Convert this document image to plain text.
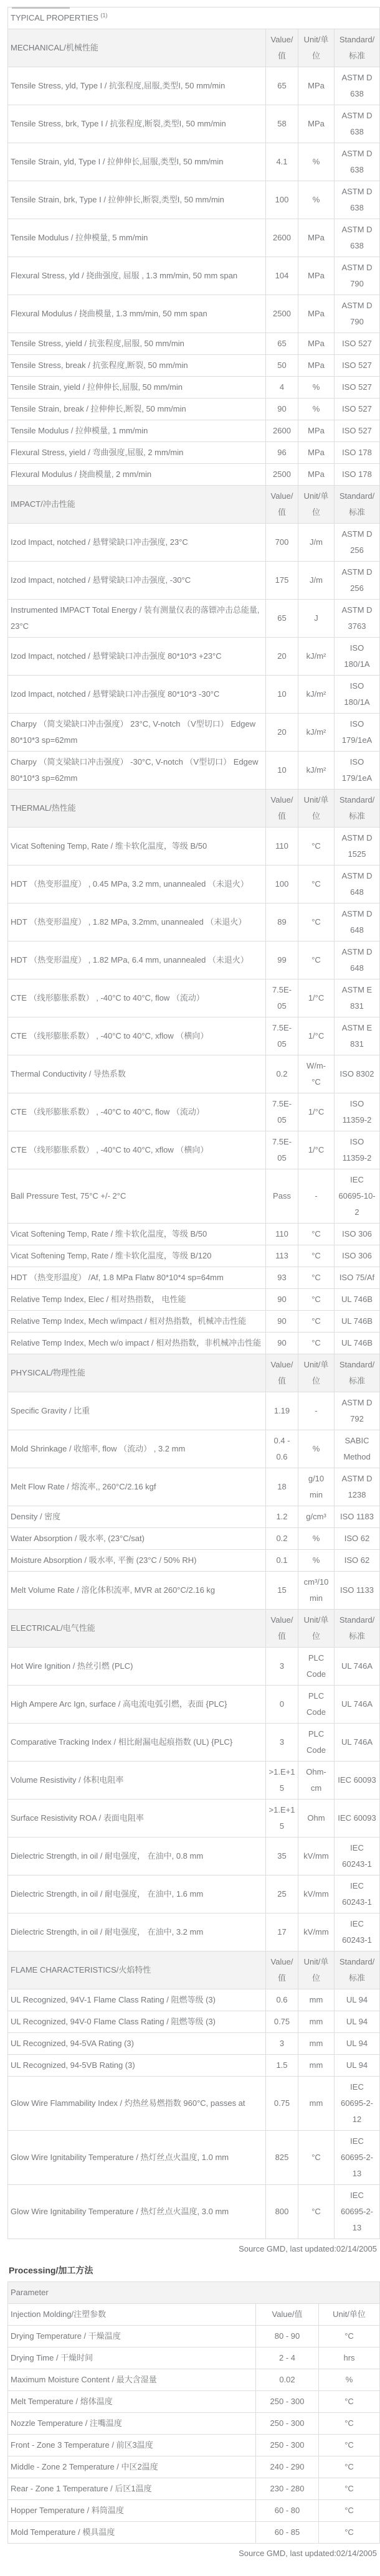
TYPICAL PROPERTIES $^{(1)}$
MECHANICAL/机械性能	Value/值	Unit/单位	Standard/标准
Tensile Stress, yld, Type I / 抗张程度,屈服,类型I, 50 mm/min	65	MPa	ASTM D 638
Tensile Stress, brk, Type I / 抗张程度,断裂,类型I, 50 mm/min	58	MPa	ASTM D 638
Tensile Strain, yld, Type I / 拉伸伸长,屈服,类型I, 50 mm/min	4.1	%	ASTM D 638
Tensile Strain, brk, Type I / 拉伸伸长,断裂,类型I, 50 mm/min	100	%	ASTM D 638
Tensile Modulus / 拉伸模量, 5 mm/min	2600	MPa	ASTM D 638
Flexural Stress, yld / 挠曲强度, 屈服 , 1.3 mm/min, 50 mm span	104	MPa	ASTM D 790
Flexural Modulus / 挠曲模量, 1.3 mm/min, 50 mm span	2500	MPa	ASTM D 790
Tensile Stress, yield / 抗张程度,屈服, 50 mm/min	65	MPa	ISO 527
Tensile Stress, break / 抗张程度,断裂, 50 mm/min	50	MPa	ISO 527
Tensile Strain, yield / 拉伸伸长,屈服, 50 mm/min	4	%	ISO 527
Tensile Strain, break / 拉伸伸长,断裂, 50 mm/min	90	%	ISO 527
Tensile Modulus / 拉伸模量, 1 mm/min	2600	MPa	ISO 527
Flexural Stress, yield / 弯曲强度,屈服, 2 mm/min	96	MPa	ISO 178
Flexural Modulus / 挠曲模量, 2 mm/min	2500	MPa	ISO 178
IMPACT/冲击性能	Value/值	Unit/单位	Standard/标准
Izod Impact, notched / 悬臂梁缺口冲击强度, 23°C	700	J/m	ASTM D 256
Izod Impact, notched / 悬臂梁缺口冲击强度, -30°C	175	J/m	ASTM D 256
Instrumented IMPACT Total Energy / 装有测量仪表的落镖冲击总能量, 23°C	65	J	ASTM D 3763
Izod Impact, notched / 悬臂梁缺口冲击强度 80*10*3 +23°C	20	kJ/m²	ISO 180/1A
Izod Impact, notched / 悬臂梁缺口冲击强度 80*10*3 -30°C	10	kJ/m²	ISO 180/1A
Charpy （简支梁缺口冲击强度） 23°C, V-notch （V型切口） Edgew 80*10*3 sp=62mm	20	kJ/m²	ISO 179/1eA
Charpy （简支梁缺口冲击强度） -30°C, V-notch （V型切口） Edgew 80*10*3 sp=62mm	10	kJ/m²	ISO 179/1eA
THERMAL/热性能	Value/值	Unit/单位	Standard/标准
Vicat Softening Temp, Rate / 维卡软化温度，等级 B/50	110	°C	ASTM D 1525
HDT （热变形温度） , 0.45 MPa, 3.2 mm, unannealed （未退火）	100	°C	ASTM D 648
HDT （热变形温度） , 1.82 MPa, 3.2mm, unannealed （未退火）	89	°C	ASTM D 648
HDT （热变形温度） , 1.82 MPa, 6.4 mm, unannealed （未退火）	99	°C	ASTM D 648
CTE （线形膨胀系数） , -40°C to 40°C, flow （流动）	7.5E-05	1/°C	ASTM E 831
CTE （线形膨胀系数） , -40°C to 40°C, xflow （横向）	7.5E-05	1/°C	ASTM E 831
Thermal Conductivity / 导热系数	0.2	W/m-°C	ISO 8302
CTE （线形膨胀系数） , -40°C to 40°C, flow （流动）	7.5E-05	1/°C	ISO 11359-2
CTE （线形膨胀系数） , -40°C to 40°C, xflow （横向）	7.5E-05	1/°C	ISO 11359-2
Ball Pressure Test, 75°C +/- 2°C	Pass	-	IEC 60695-10-2
Vicat Softening Temp, Rate / 维卡软化温度，等级 B/50	110	°C	ISO 306
Vicat Softening Temp, Rate / 维卡软化温度，等级 B/120	113	°C	ISO 306
HDT （热变形温度） /Af, 1.8 MPa Flatw 80*10*4 sp=64mm	93	°C	ISO 75/Af
Relative Temp Index, Elec / 相对热指数， 电性能	90	°C	UL 746B
Relative Temp Index, Mech w/impact / 相对热指数，机械冲击性能	90	°C	UL 746B
Relative Temp Index, Mech w/o impact / 相对热指数，非机械冲击性能	90	°C	UL 746B
PHYSICAL/物理性能	Value/值	Unit/单位	Standard/标准
Specific Gravity / 比重	1.19	-	ASTM D 792
Mold Shrinkage / 收缩率, flow （流动） , 3.2 mm	0.4 - 0.6	%	SABIC Method
Melt Flow Rate / 熔流率,, 260°C/2.16 kgf	18	g/10 min	ASTM D 1238
Density / 密度	1.2	g/cm³	ISO 1183
Water Absorption / 吸水率, (23°C/sat)	0.2	%	ISO 62
Moisture Absorption / 吸水率, 平衡 (23°C / 50% RH)	0.1	%	ISO 62
Melt Volume Rate / 溶化体积流率, MVR at 260°C/2.16 kg	15	cm³/10 min	ISO 1133
ELECTRICAL/电气性能	Value/值	Unit/单位	Standard/标准
Hot Wire Ignition / 热丝引燃 (PLC)	3	PLC Code	UL 746A
High Ampere Arc Ign, surface / 高电流电弧引燃，表面 {PLC}	0	PLC Code	UL 746A
Comparative Tracking Index / 相比耐漏电起痕指数 (UL) {PLC}	3	PLC Code	UL 746A
Volume Resistivity / 体积电阻率	>1.E+15	Ohm-cm	IEC 60093
Surface Resistivity ROA / 表面电阻率	>1.E+15	Ohm	IEC 60093
Dielectric Strength, in oil / 耐电强度， 在油中, 0.8 mm	35	kV/mm	IEC 60243-1
Dielectric Strength, in oil / 耐电强度， 在油中, 1.6 mm	25	kV/mm	IEC 60243-1
Dielectric Strength, in oil / 耐电强度， 在油中, 3.2 mm	17	kV/mm	IEC 60243-1
FLAME CHARACTERISTICS/火焰特性	Value/值	Unit/单位	Standard/标准
UL Recognized, 94V-1 Flame Class Rating / 阻燃等级 (3)	0.6	mm	UL 94
UL Recognized, 94V-0 Flame Class Rating / 阻燃等级 (3)	0.75	mm	UL 94
UL Recognized, 94-5VA Rating (3)	3	mm	UL 94
UL Recognized, 94-5VB Rating (3)	1.5	mm	UL 94
Glow Wire Flammability Index / 灼热丝易燃指数 960°C, passes at	0.75	mm	IEC 60695-2-12
Glow Wire Ignitability Temperature / 热灯丝点火温度, 1.0 mm	825	°C	IEC 60695-2-13
Glow Wire Ignitability Temperature / 热灯丝点火温度, 3.0 mm	800	°C	IEC 60695-2-13
Source GMD, last updated:02/14/2005
Processing/加工方法
Parameter		
Injection Molding/注塑参数	Value/值	Unit/单位
Drying Temperature / 干燥温度	80 - 90	°C
Drying Time / 干燥时间	2 - 4	hrs
Maximum Moisture Content / 最大含湿量	0.02	%
Melt Temperature / 熔体温度	250 - 300	°C
Nozzle Temperature / 注嘴温度	250 - 300	°C
Front - Zone 3 Temperature / 前区3温度	250 - 300	°C
Middle - Zone 2 Temperature / 中区2温度	240 - 290	°C
Rear - Zone 1 Temperature / 后区1温度	230 - 280	°C
Hopper Temperature / 料筒温度	60 - 80	°C
Mold Temperature / 模具温度	60 - 85	°C
Source GMD, last updated:02/14/2005
